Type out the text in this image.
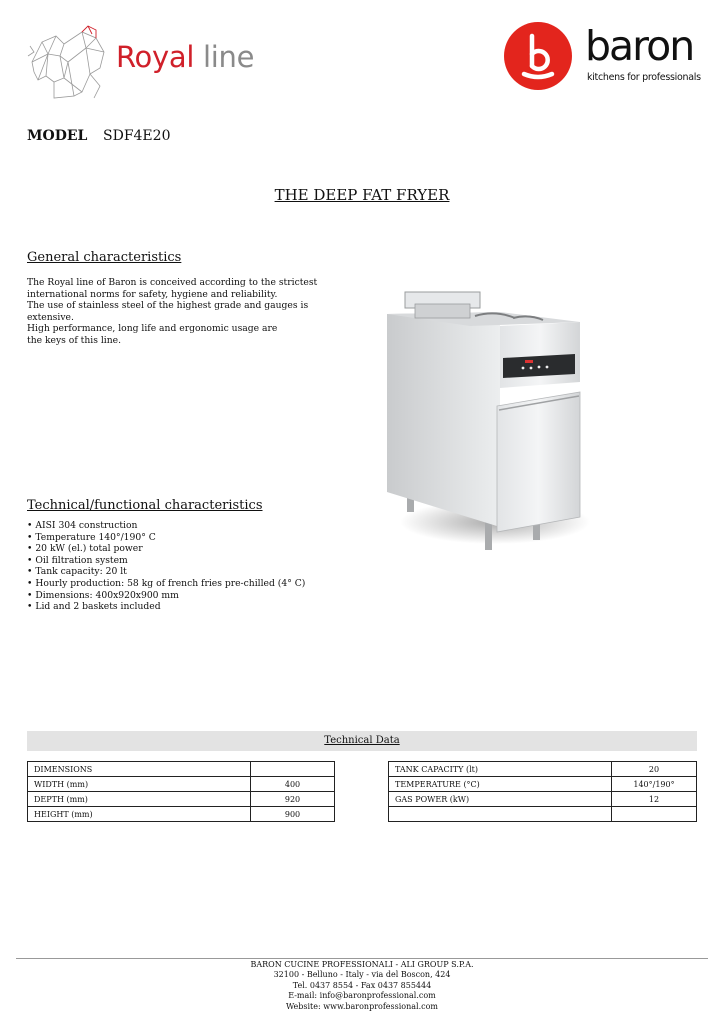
Royal line	baron
kitchens for professionals
MODEL SDF4E20
THE DEEP FAT FRYER
General characteristics
The Royal line of Baron is conceived according to the strictest
international norms for safety, hygiene and reliability.
The use of stainless steel of the highest grade and gauges is
extensive.
High performance, long life and ergonomic usage are
the keys of this line.
Technical/functional characteristics
• AISI 304 construction
• Temperature 140°/190° C
• 20 kW (el.) total power
• Oil filtration system
• Tank capacity: 20 lt
• Hourly production: 58 kg of french fries pre-chilled (4° C)
• Dimensions: 400x920x900 mm
• Lid and 2 baskets included
Technical Data
DIMENSIONS	
WIDTH (mm)	400
DEPTH (mm)	920
HEIGHT (mm)	900
TANK CAPACITY (lt)	20
TEMPERATURE (°C)	140°/190°
GAS POWER (kW)	12

BARON CUCINE PROFESSIONALI - ALI GROUP S.P.A.
32100 - Belluno - Italy - via del Boscon, 424
Tel. 0437 8554 - Fax 0437 855444
E-mail: info@baronprofessional.com
Website: www.baronprofessional.com
